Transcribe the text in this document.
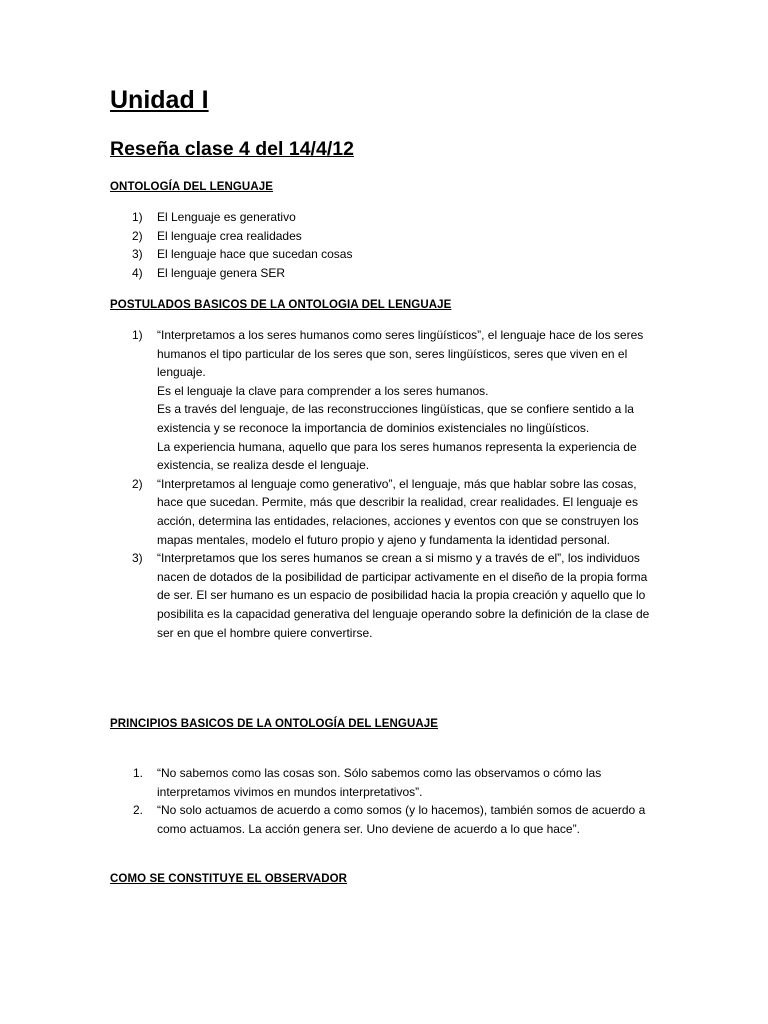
Unidad I
Reseña clase 4 del 14/4/12
ONTOLOGÍA DEL LENGUAJE
1) El Lenguaje es generativo
2) El lenguaje crea realidades
3) El lenguaje hace que sucedan cosas
4) El lenguaje genera SER
POSTULADOS BASICOS DE LA ONTOLOGIA DEL LENGUAJE
1) “Interpretamos a los seres humanos como seres lingüísticos”, el lenguaje hace de los seres humanos el tipo particular de los seres que son, seres lingüísticos, seres que viven en el lenguaje.
Es el lenguaje la clave para comprender a los seres humanos.
Es a través del lenguaje, de las reconstrucciones lingüísticas, que se confiere sentido a la existencia y se reconoce la importancia de dominios existenciales no lingüísticos.
La experiencia humana, aquello que para los seres humanos representa la experiencia de existencia, se realiza desde el lenguaje.
2) “Interpretamos al lenguaje como generativo”, el lenguaje, más que hablar sobre las cosas, hace que sucedan. Permite, más que describir la realidad, crear realidades. El lenguaje es acción, determina las entidades, relaciones, acciones y eventos con que se construyen los mapas mentales, modelo el futuro propio y ajeno y fundamenta la identidad personal.
3) “Interpretamos que los seres humanos se crean a si mismo y a través de el”, los individuos nacen de dotados de la posibilidad de participar activamente en el diseño de la propia forma de ser. El ser humano es un espacio de posibilidad hacia la propia creación y aquello que lo posibilita es la capacidad generativa del lenguaje operando sobre la definición de la clase de ser en que el hombre quiere convertirse.
PRINCIPIOS BASICOS DE LA ONTOLOGÍA DEL LENGUAJE
1. “No sabemos como las cosas son. Sólo sabemos como las observamos o cómo las interpretamos vivimos en mundos interpretativos”.
2. “No solo actuamos de acuerdo a como somos (y lo hacemos), también somos de acuerdo a como actuamos. La acción genera ser. Uno deviene de acuerdo a lo que hace”.
COMO SE CONSTITUYE EL OBSERVADOR
